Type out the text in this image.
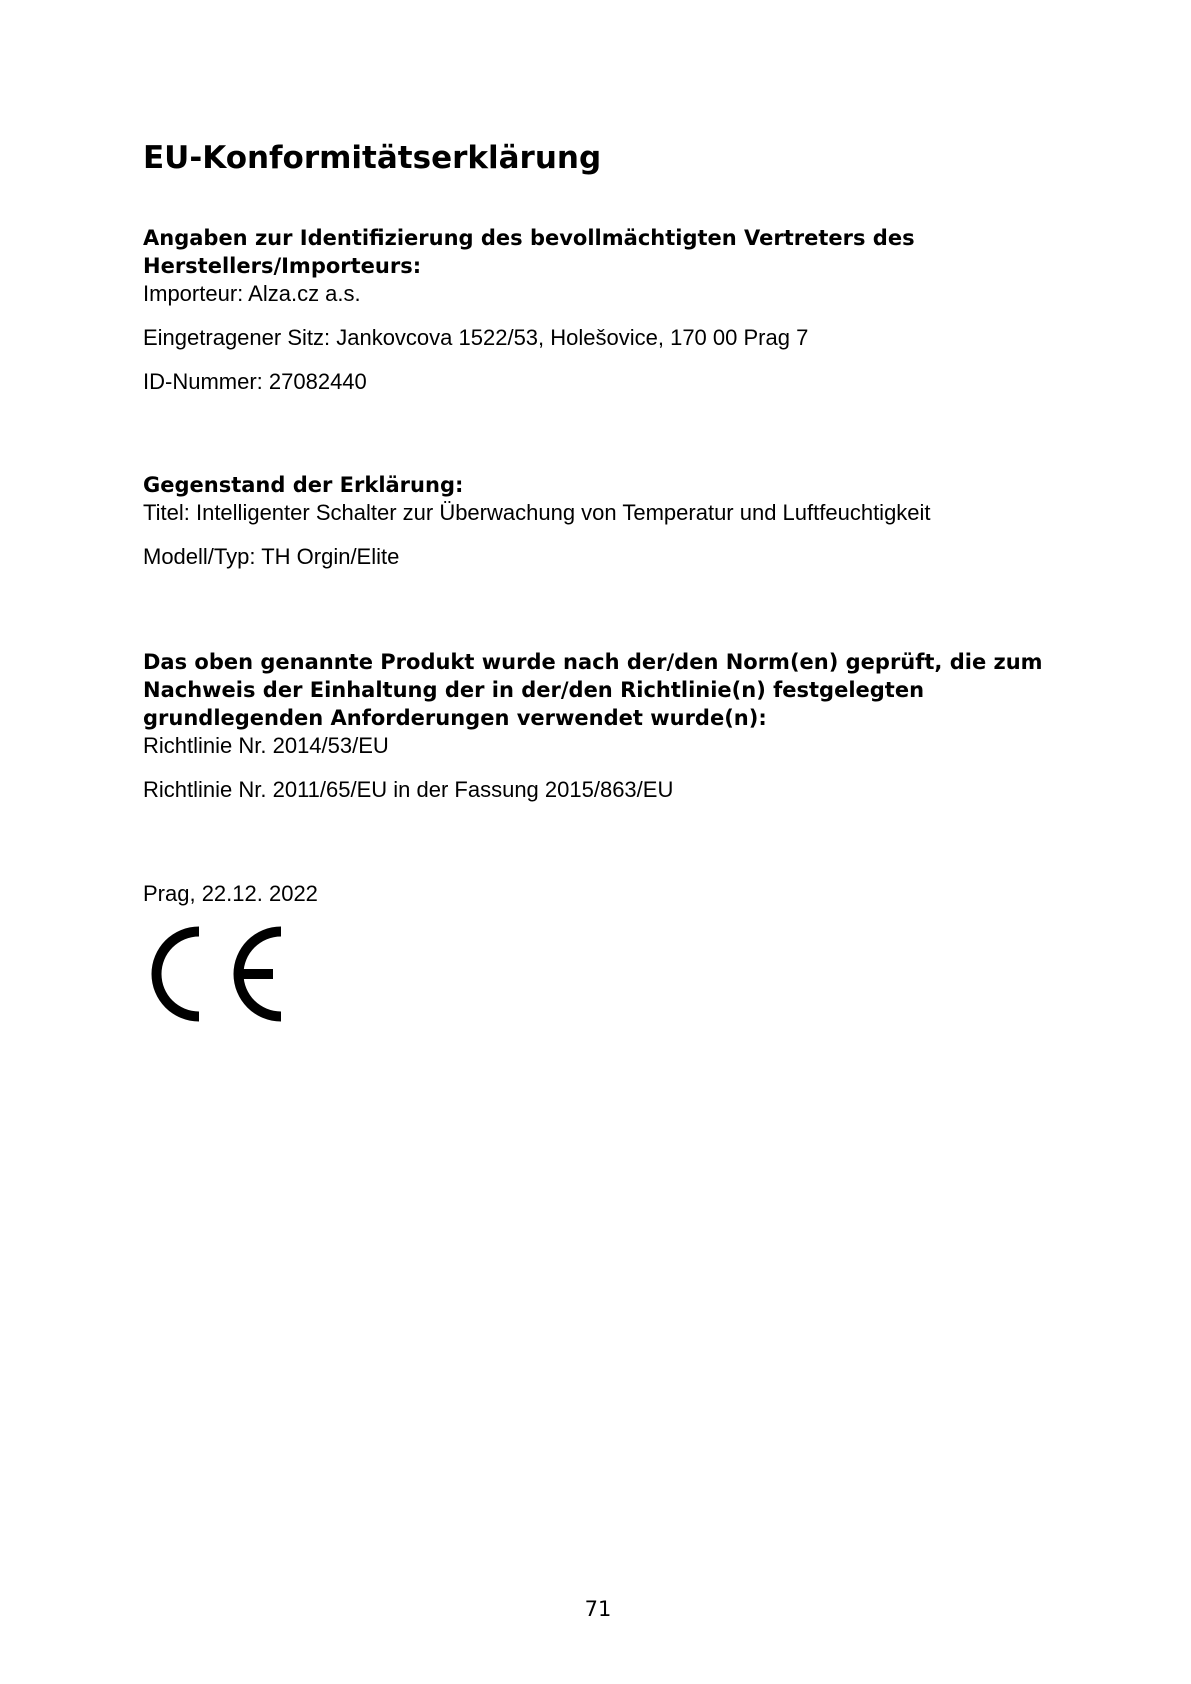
EU-Konformitätserklärung

Angaben zur Identifizierung des bevollmächtigten Vertreters des
Herstellers/Importeurs:

Importeur: Alza.cz a.s.

Eingetragener Sitz: Jankovcova 1522/53, Holešovice, 170 00 Prag 7

ID-Nummer: 27082440

Gegenstand der Erklärung:

Titel: Intelligenter Schalter zur Überwachung von Temperatur und Luftfeuchtigkeit

Modell/Typ: TH Orgin/Elite

Das oben genannte Produkt wurde nach der/den Norm(en) geprüft, die zum
Nachweis der Einhaltung der in der/den Richtlinie(n) festgelegten
grundlegenden Anforderungen verwendet wurde(n):

Richtlinie Nr. 2014/53/EU

Richtlinie Nr. 2011/65/EU in der Fassung 2015/863/EU

Prag, 22.12. 2022

71
